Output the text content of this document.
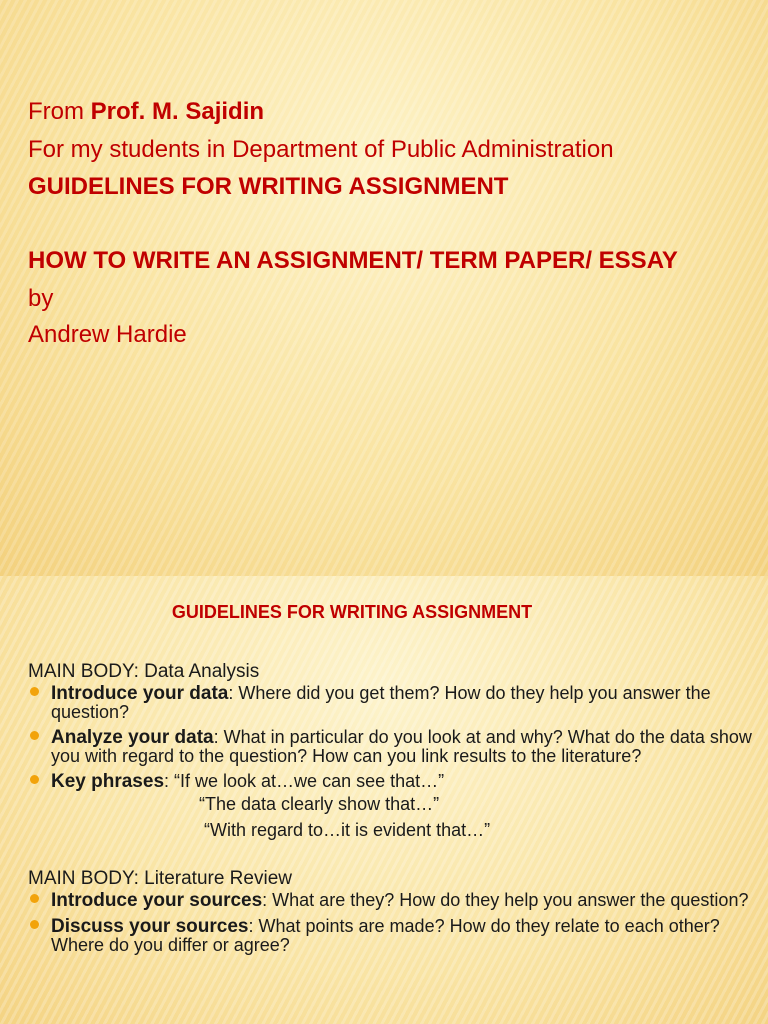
From Prof. M. Sajidin
For my students in Department of Public Administration
GUIDELINES FOR WRITING ASSIGNMENT
HOW TO WRITE AN ASSIGNMENT/ TERM PAPER/ ESSAY
by
Andrew Hardie
GUIDELINES FOR WRITING ASSIGNMENT

MAIN BODY: Data Analysis

Introduce your data: Where did you get them? How do they help you answer the question?
Analyze your data: What in particular do you look at and why? What do the data show you with regard to the question? How can you link results to the literature?
Key phrases: “If we look at…we can see that…”
“The data clearly show that…”
“With regard to…it is evident that…”

MAIN BODY: Literature Review

Introduce your sources: What are they? How do they help you answer the question?
Discuss your sources: What points are made? How do they relate to each other? Where do you differ or agree?
